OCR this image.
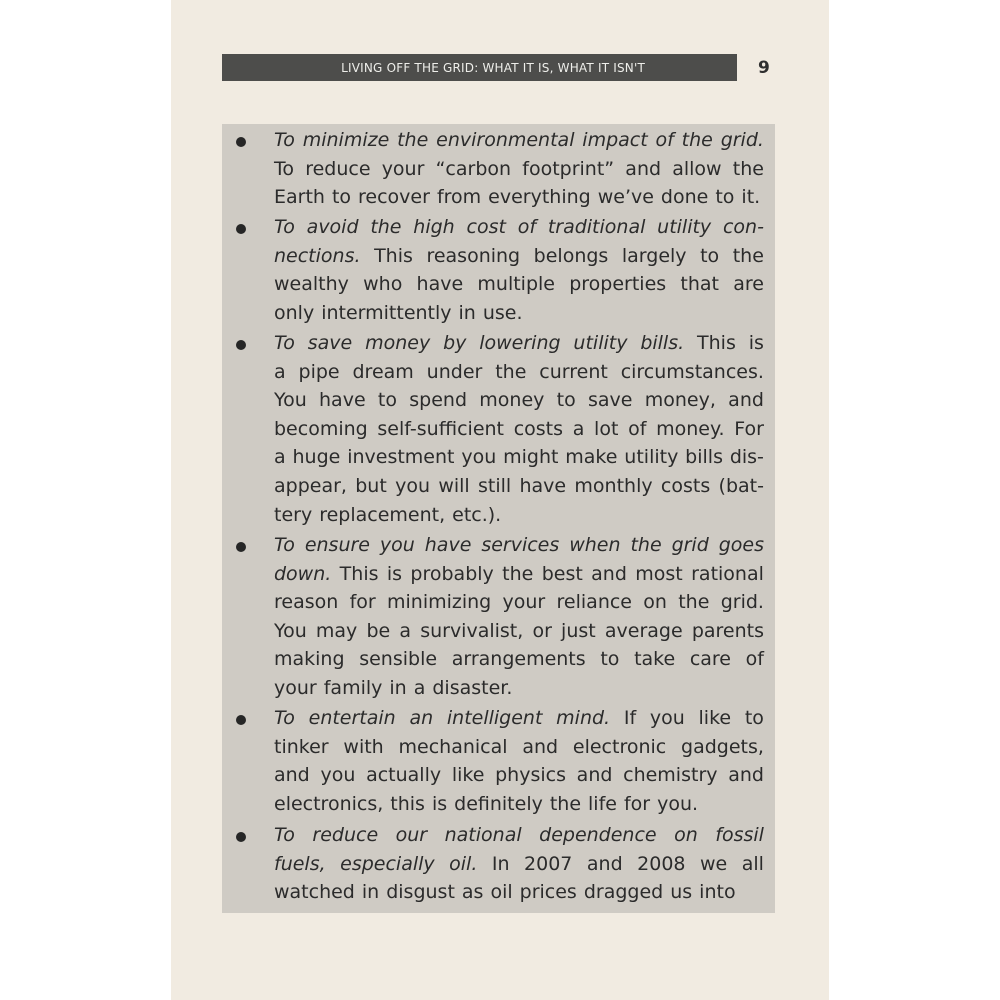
LIVING OFF THE GRID: WHAT IT IS, WHAT IT ISN'T	9
To minimize the environmental impact of the grid.
To reduce your “carbon footprint” and allow the
Earth to recover from everything we’ve done to it.
To avoid the high cost of traditional utility con-
nections. This reasoning belongs largely to the
wealthy who have multiple properties that are
only intermittently in use.
To save money by lowering utility bills. This is
a pipe dream under the current circumstances.
You have to spend money to save money, and
becoming self-sufficient costs a lot of money. For
a huge investment you might make utility bills dis-
appear, but you will still have monthly costs (bat-
tery replacement, etc.).
To ensure you have services when the grid goes
down. This is probably the best and most rational
reason for minimizing your reliance on the grid.
You may be a survivalist, or just average parents
making sensible arrangements to take care of
your family in a disaster.
To entertain an intelligent mind. If you like to
tinker with mechanical and electronic gadgets,
and you actually like physics and chemistry and
electronics, this is definitely the life for you.
To reduce our national dependence on fossil
fuels, especially oil. In 2007 and 2008 we all
watched in disgust as oil prices dragged us into
